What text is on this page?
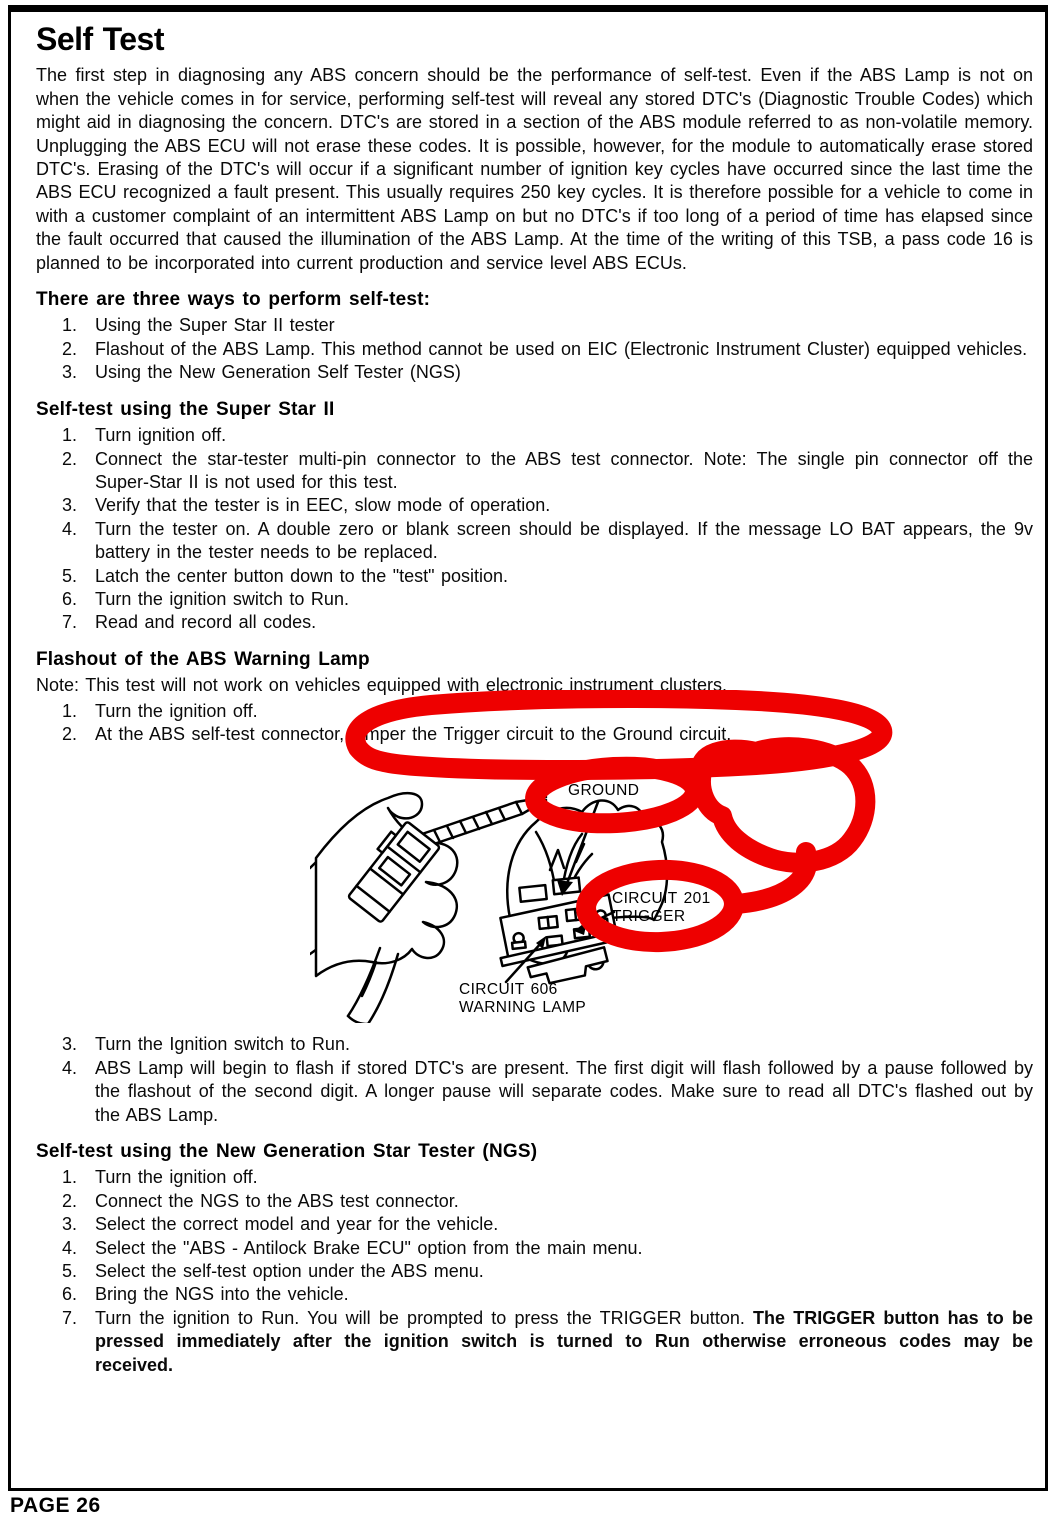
Self Test

The first step in diagnosing any ABS concern should be the performance of self-test. Even if the ABS Lamp is not on when the vehicle comes in for service, performing self-test will reveal any stored DTC's (Diagnostic Trouble Codes) which might aid in diagnosing the concern. DTC's are stored in a section of the ABS module referred to as non-volatile memory. Unplugging the ABS ECU will not erase these codes. It is possible, however, for the module to automatically erase stored DTC's. Erasing of the DTC's will occur if a significant number of ignition key cycles have occurred since the last time the ABS ECU recognized a fault present. This usually requires 250 key cycles. It is therefore possible for a vehicle to come in with a customer complaint of an intermittent ABS Lamp on but no DTC's if too long of a period of time has elapsed since the fault occurred that caused the illumination of the ABS Lamp. At the time of the writing of this TSB, a pass code 16 is planned to be incorporated into current production and service level ABS ECUs.

There are three ways to perform self-test:
Using the Super Star II tester
Flashout of the ABS Lamp. This method cannot be used on EIC (Electronic Instrument Cluster) equipped vehicles.
Using the New Generation Self Tester (NGS)
Self-test using the Super Star II
Turn ignition off.
Connect the star-tester multi-pin connector to the ABS test connector. Note: The single pin connector off the Super-Star II is not used for this test.
Verify that the tester is in EEC, slow mode of operation.
Turn the tester on. A double zero or blank screen should be displayed. If the message LO BAT appears, the 9v battery in the tester needs to be replaced.
Latch the center button down to the "test" position.
Turn the ignition switch to Run.
Read and record all codes.
Flashout of the ABS Warning Lamp

Note: This test will not work on vehicles equipped with electronic instrument clusters.

Turn the ignition off.
At the ABS self-test connector, jumper the Trigger circuit to the Ground circuit.
CIRCUIT 530A
GROUND
CIRCUIT 201
TRIGGER
CIRCUIT 606
WARNING LAMP
Turn the Ignition switch to Run.
ABS Lamp will begin to flash if stored DTC's are present. The first digit will flash followed by a pause followed by the flashout of the second digit. A longer pause will separate codes. Make sure to read all DTC's flashed out by the ABS Lamp.
Self-test using the New Generation Star Tester (NGS)
Turn the ignition off.
Connect the NGS to the ABS test connector.
Select the correct model and year for the vehicle.
Select the "ABS - Antilock Brake ECU" option from the main menu.
Select the self-test option under the ABS menu.
Bring the NGS into the vehicle.
Turn the ignition to Run. You will be prompted to press the TRIGGER button. The TRIGGER button has to be pressed immediately after the ignition switch is turned to Run otherwise erroneous codes may be received.
PAGE 26
